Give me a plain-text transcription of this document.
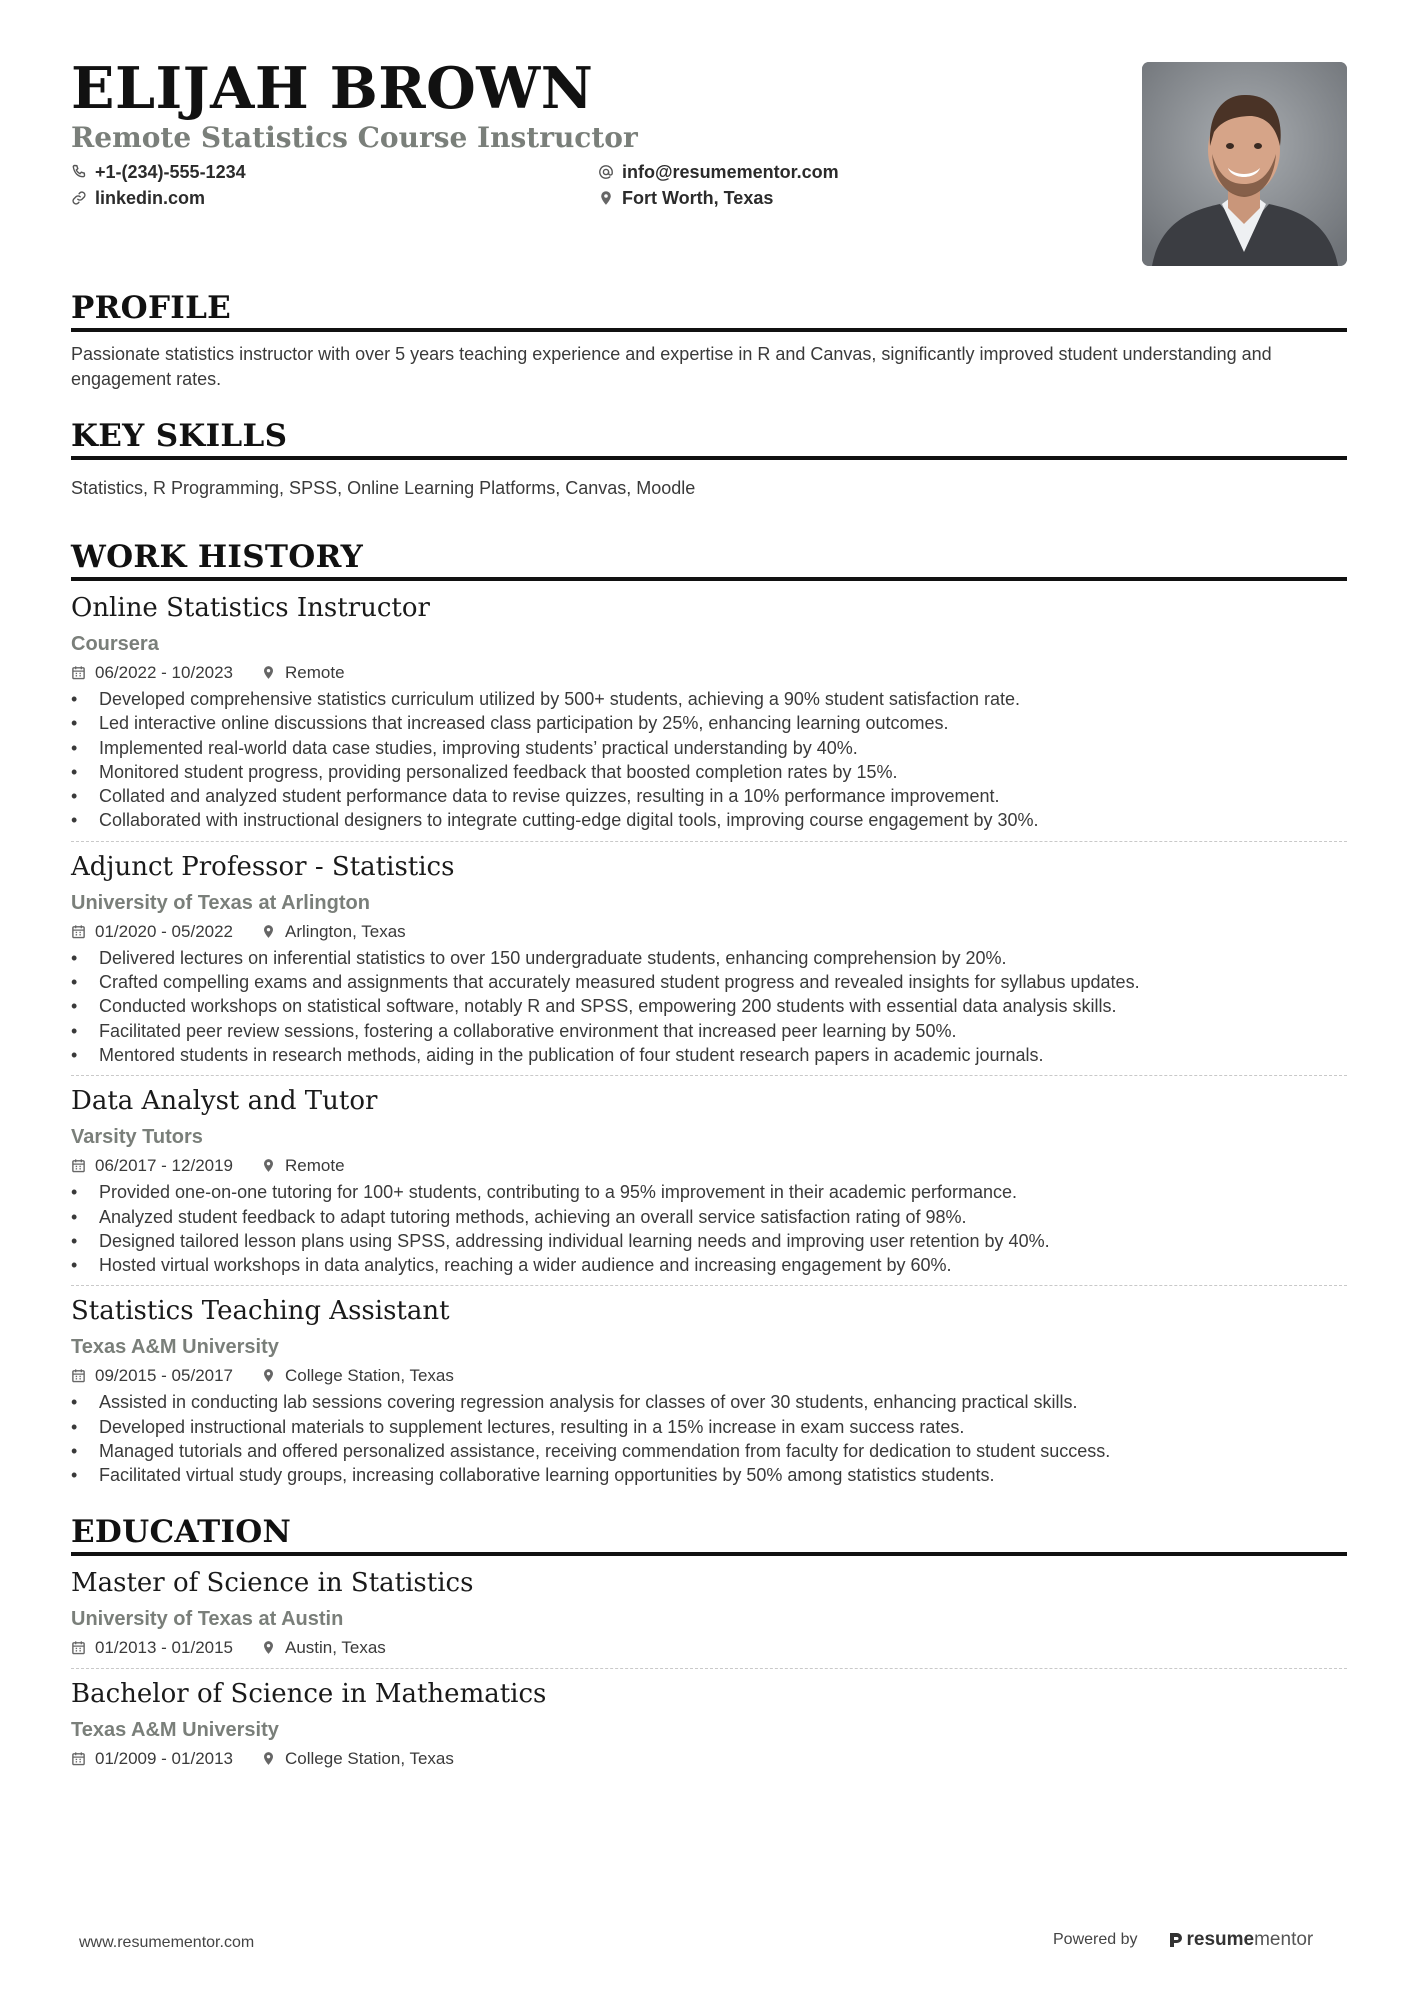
ELIJAH BROWN
Remote Statistics Course Instructor
+1-(234)-555-1234
linkedin.com
info@resumementor.com
Fort Worth, Texas
PROFILE
Passionate statistics instructor with over 5 years teaching experience and expertise in R and Canvas, significantly improved student understanding and engagement rates.
KEY SKILLS
Statistics, R Programming, SPSS, Online Learning Platforms, Canvas, Moodle
WORK HISTORY
Online Statistics Instructor
Coursera
06/2022 - 10/2023	Remote
• Developed comprehensive statistics curriculum utilized by 500+ students, achieving a 90% student satisfaction rate.
• Led interactive online discussions that increased class participation by 25%, enhancing learning outcomes.
• Implemented real-world data case studies, improving students’ practical understanding by 40%.
• Monitored student progress, providing personalized feedback that boosted completion rates by 15%.
• Collated and analyzed student performance data to revise quizzes, resulting in a 10% performance improvement.
• Collaborated with instructional designers to integrate cutting-edge digital tools, improving course engagement by 30%.
Adjunct Professor - Statistics
University of Texas at Arlington
01/2020 - 05/2022	Arlington, Texas
• Delivered lectures on inferential statistics to over 150 undergraduate students, enhancing comprehension by 20%.
• Crafted compelling exams and assignments that accurately measured student progress and revealed insights for syllabus updates.
• Conducted workshops on statistical software, notably R and SPSS, empowering 200 students with essential data analysis skills.
• Facilitated peer review sessions, fostering a collaborative environment that increased peer learning by 50%.
• Mentored students in research methods, aiding in the publication of four student research papers in academic journals.
Data Analyst and Tutor
Varsity Tutors
06/2017 - 12/2019	Remote
• Provided one-on-one tutoring for 100+ students, contributing to a 95% improvement in their academic performance.
• Analyzed student feedback to adapt tutoring methods, achieving an overall service satisfaction rating of 98%.
• Designed tailored lesson plans using SPSS, addressing individual learning needs and improving user retention by 40%.
• Hosted virtual workshops in data analytics, reaching a wider audience and increasing engagement by 60%.
Statistics Teaching Assistant
Texas A&M University
09/2015 - 05/2017	College Station, Texas
• Assisted in conducting lab sessions covering regression analysis for classes of over 30 students, enhancing practical skills.
• Developed instructional materials to supplement lectures, resulting in a 15% increase in exam success rates.
• Managed tutorials and offered personalized assistance, receiving commendation from faculty for dedication to student success.
• Facilitated virtual study groups, increasing collaborative learning opportunities by 50% among statistics students.
EDUCATION
Master of Science in Statistics
University of Texas at Austin
01/2013 - 01/2015	Austin, Texas
Bachelor of Science in Mathematics
Texas A&M University
01/2009 - 01/2013	College Station, Texas
www.resumementor.com	Powered by	resume mentor
